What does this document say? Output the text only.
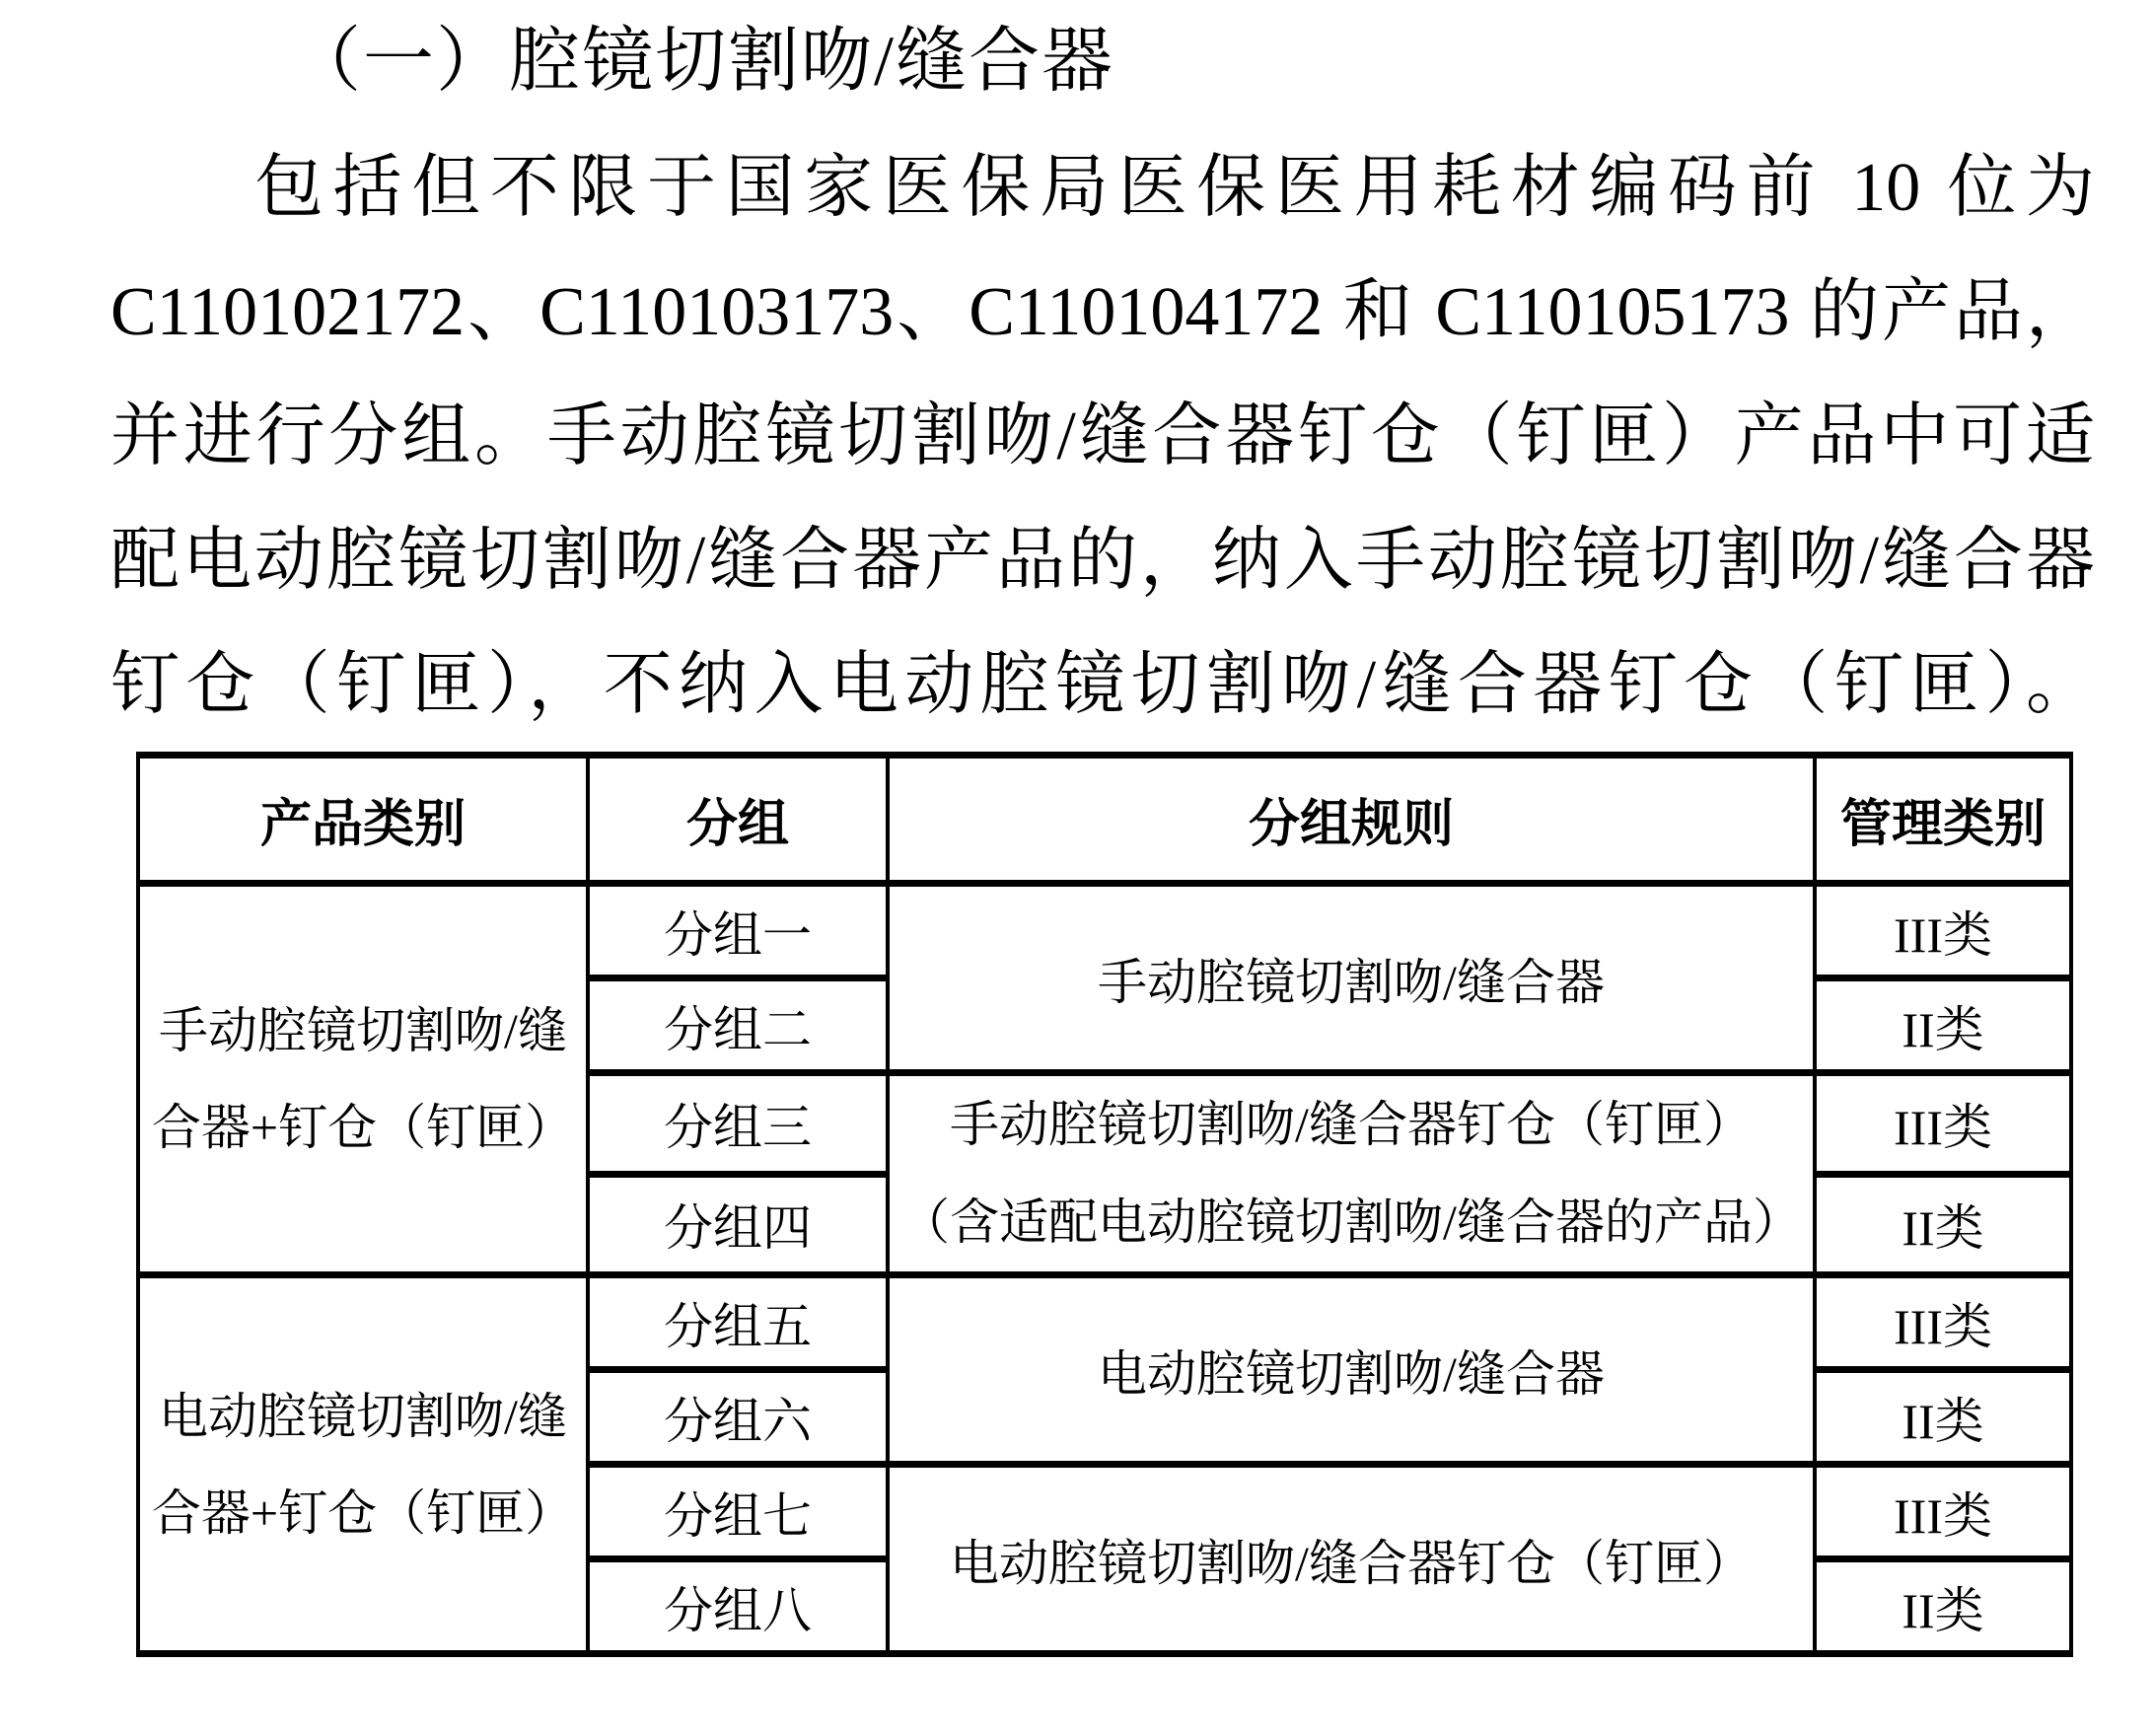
（一）腔镜切割吻/缝合器
包括但不限于国家医保局医保医用耗材编码前 10 位为
C110102172、C110103173、C110104172 和 C110105173 的产品，
并进行分组。手动腔镜切割吻/缝合器钉仓（钉匣）产品中可适
配电动腔镜切割吻/缝合器产品的，纳入手动腔镜切割吻/缝合器
钉仓（钉匣），不纳入电动腔镜切割吻/缝合器钉仓（钉匣）。
产品类别	分组	分组规则	管理类别

手动腔镜切割吻/缝
合器+钉仓（钉匣）	分组一	手动腔镜切割吻/缝合器	III类
	分组二		II类
	分组三	手动腔镜切割吻/缝合器钉仓（钉匣）
（含适配电动腔镜切割吻/缝合器的产品）	III类
	分组四		II类

电动腔镜切割吻/缝
合器+钉仓（钉匣）	分组五	电动腔镜切割吻/缝合器	III类
	分组六		II类
	分组七	电动腔镜切割吻/缝合器钉仓（钉匣）	III类
	分组八		II类
